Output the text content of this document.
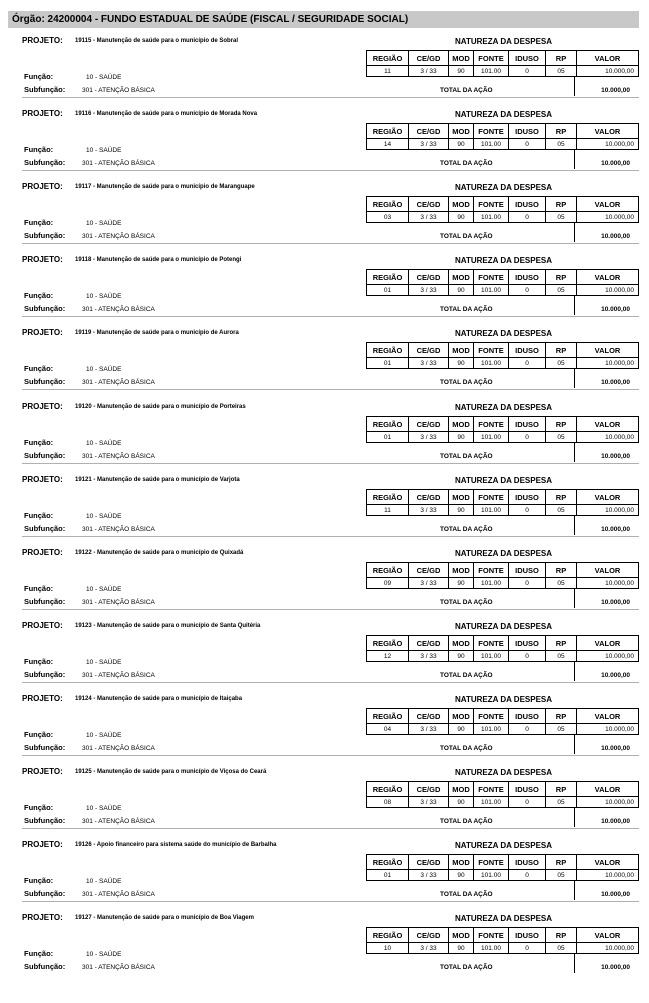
Órgão: 24200004 - FUNDO ESTADUAL DE SAÚDE (FISCAL / SEGURIDADE SOCIAL)
PROJETO: 19115 - Manutenção de saúde para o município de Sobral	NATUREZA DA DESPESA
REGIÃO	CE/GD	MOD	FONTE	IDUSO	RP	VALOR
11	3 / 33	90	101.00	0	05	10.000,00
Função:	10 - SAÚDE
Subfunção:	301 - ATENÇÃO BÁSICA	TOTAL DA AÇÃO	10.000,00
PROJETO: 19116 - Manutenção de saúde para o município de Morada Nova	NATUREZA DA DESPESA
REGIÃO	CE/GD	MOD	FONTE	IDUSO	RP	VALOR
14	3 / 33	90	101.00	0	05	10.000,00
Função:	10 - SAÚDE
Subfunção:	301 - ATENÇÃO BÁSICA	TOTAL DA AÇÃO	10.000,00
PROJETO: 19117 - Manutenção de saúde para o município de Maranguape	NATUREZA DA DESPESA
REGIÃO	CE/GD	MOD	FONTE	IDUSO	RP	VALOR
03	3 / 33	90	101.00	0	05	10.000,00
Função:	10 - SAÚDE
Subfunção:	301 - ATENÇÃO BÁSICA	TOTAL DA AÇÃO	10.000,00
PROJETO: 19118 - Manutenção de saúde para o município de Potengi	NATUREZA DA DESPESA
REGIÃO	CE/GD	MOD	FONTE	IDUSO	RP	VALOR
01	3 / 33	90	101.00	0	05	10.000,00
Função:	10 - SAÚDE
Subfunção:	301 - ATENÇÃO BÁSICA	TOTAL DA AÇÃO	10.000,00
PROJETO: 19119 - Manutenção de saúde para o município de Aurora	NATUREZA DA DESPESA
REGIÃO	CE/GD	MOD	FONTE	IDUSO	RP	VALOR
01	3 / 33	90	101.00	0	05	10.000,00
Função:	10 - SAÚDE
Subfunção:	301 - ATENÇÃO BÁSICA	TOTAL DA AÇÃO	10.000,00
PROJETO: 19120 - Manutenção de saúde para o município de Porteiras	NATUREZA DA DESPESA
REGIÃO	CE/GD	MOD	FONTE	IDUSO	RP	VALOR
01	3 / 33	90	101.00	0	05	10.000,00
Função:	10 - SAÚDE
Subfunção:	301 - ATENÇÃO BÁSICA	TOTAL DA AÇÃO	10.000,00
PROJETO: 19121 - Manutenção de saúde para o município de Varjota	NATUREZA DA DESPESA
REGIÃO	CE/GD	MOD	FONTE	IDUSO	RP	VALOR
11	3 / 33	90	101.00	0	05	10.000,00
Função:	10 - SAÚDE
Subfunção:	301 - ATENÇÃO BÁSICA	TOTAL DA AÇÃO	10.000,00
PROJETO: 19122 - Manutenção de saúde para o município de Quixadá	NATUREZA DA DESPESA
REGIÃO	CE/GD	MOD	FONTE	IDUSO	RP	VALOR
09	3 / 33	90	101.00	0	05	10.000,00
Função:	10 - SAÚDE
Subfunção:	301 - ATENÇÃO BÁSICA	TOTAL DA AÇÃO	10.000,00
PROJETO: 19123 - Manutenção de saúde para o município de Santa Quitéria	NATUREZA DA DESPESA
REGIÃO	CE/GD	MOD	FONTE	IDUSO	RP	VALOR
12	3 / 33	90	101.00	0	05	10.000,00
Função:	10 - SAÚDE
Subfunção:	301 - ATENÇÃO BÁSICA	TOTAL DA AÇÃO	10.000,00
PROJETO: 19124 - Manutenção de saúde para o município de Itaiçaba	NATUREZA DA DESPESA
REGIÃO	CE/GD	MOD	FONTE	IDUSO	RP	VALOR
04	3 / 33	90	101.00	0	05	10.000,00
Função:	10 - SAÚDE
Subfunção:	301 - ATENÇÃO BÁSICA	TOTAL DA AÇÃO	10.000,00
PROJETO: 19125 - Manutenção de saúde para o município de Viçosa do Ceará	NATUREZA DA DESPESA
REGIÃO	CE/GD	MOD	FONTE	IDUSO	RP	VALOR
08	3 / 33	90	101.00	0	05	10.000,00
Função:	10 - SAÚDE
Subfunção:	301 - ATENÇÃO BÁSICA	TOTAL DA AÇÃO	10.000,00
PROJETO: 19126 - Apoio financeiro para sistema saúde do município de Barbalha	NATUREZA DA DESPESA
REGIÃO	CE/GD	MOD	FONTE	IDUSO	RP	VALOR
01	3 / 33	90	101.00	0	05	10.000,00
Função:	10 - SAÚDE
Subfunção:	301 - ATENÇÃO BÁSICA	TOTAL DA AÇÃO	10.000,00
PROJETO: 19127 - Manutenção de saúde para o município de Boa Viagem	NATUREZA DA DESPESA
REGIÃO	CE/GD	MOD	FONTE	IDUSO	RP	VALOR
10	3 / 33	90	101.00	0	05	10.000,00
Função:	10 - SAÚDE
Subfunção:	301 - ATENÇÃO BÁSICA	TOTAL DA AÇÃO	10.000,00
